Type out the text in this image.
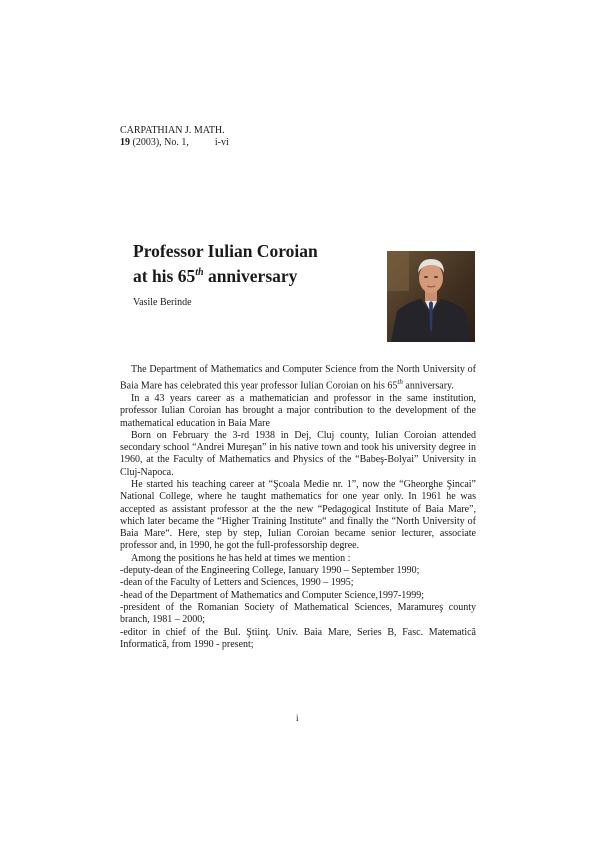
CARPATHIAN J. MATH.
19 (2003), No. 1,	i-vi
Professor Iulian Coroian
at his 65th anniversary
Vasile Berinde

The Department of Mathematics and Computer Science from the North University of Baia Mare has celebrated this year professor Iulian Coroian on his 65th anniversary.

In a 43 years career as a mathematician and professor in the same institution, professor Iulian Coroian has brought a major contribution to the development of the mathematical education in Baia Mare

Born on February the 3-rd 1938 in Dej, Cluj county, Iulian Coroian attended secondary school “Andrei Mureşan” in his native town and took his university degree in 1960, at the Faculty of Mathematics and Physics of the “Babeş-Bolyai” University in Cluj-Napoca.

He started his teaching career at “Şcoala Medie nr. 1”, now the “Gheorghe Şincai” National College, where he taught mathematics for one year only. In 1961 he was accepted as assistant professor at the the new “Pedagogical Institute of Baia Mare”, which later became the “Higher Training Institute“ and finally the “North University of Baia Mare“. Here, step by step, Iulian Coroian became senior lecturer, associate professor and, in 1990, he got the full-professorship degree.

Among the positions he has held at times we mention :

-deputy-dean of the Engineering College, Ianuary 1990 – September 1990;

-dean of the Faculty of Letters and Sciences, 1990 – 1995;

-head of the Department of Mathematics and Computer Science,1997-1999;

-president of the Romanian Society of Mathematical Sciences, Maramureş county branch, 1981 – 2000;

-editor in chief of the Bul. Ştiinţ. Univ. Baia Mare, Series B, Fasc. Matematică Informatică, from 1990 - present;

i
